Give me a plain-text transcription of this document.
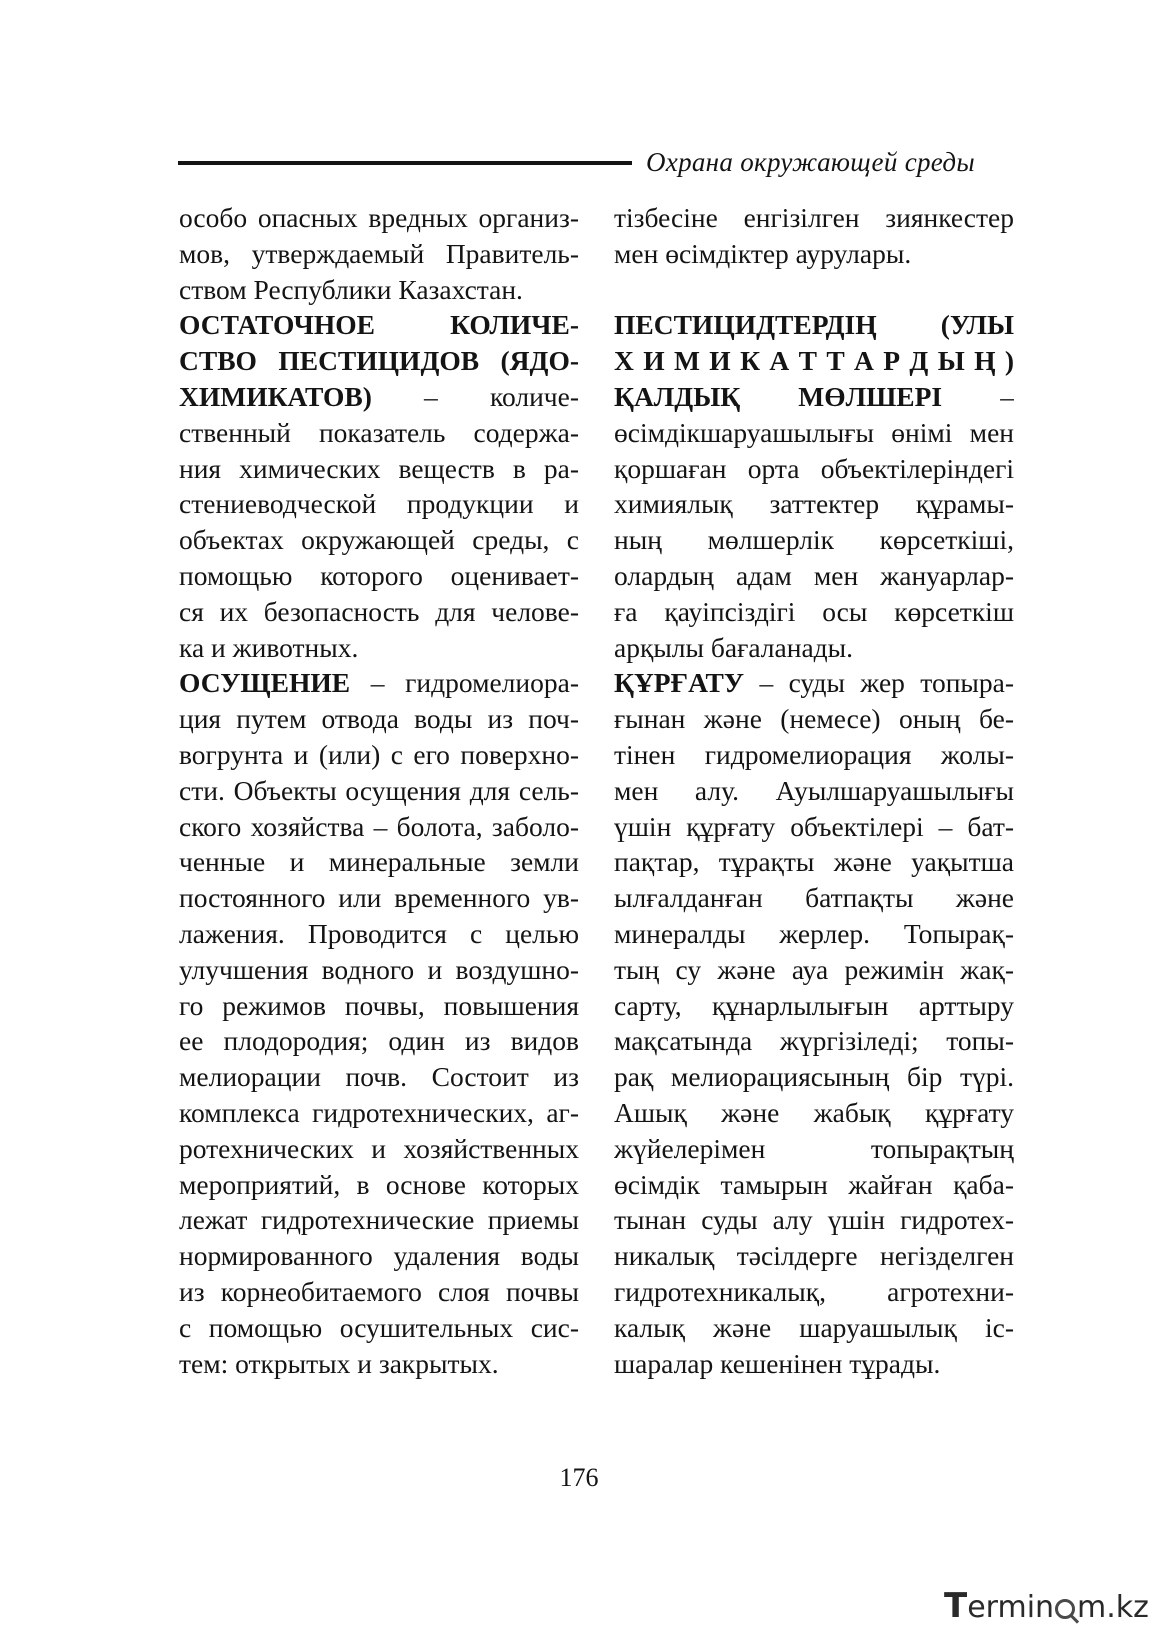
Охрана окружающей среды
особо опасных вредных организ-
мов, утверждаемый Правитель-
ством Республики Казахстан.
ОСТАТОЧНОЕ КОЛИЧЕ-
СТВО ПЕСТИЦИДОВ (ЯДО-
ХИМИКАТОВ) – количе-
ственный показатель содержа-
ния химических веществ в ра-
стениеводческой продукции и
объектах окружающей среды, с
помощью которого оценивает-
ся их безопасность для челове-
ка и животных.
ОСУЩЕНИЕ – гидромелиора-
ция путем отвода воды из поч-
вогрунта и (или) с его поверхно-
сти. Объекты осущения для сель-
ского хозяйства – болота, заболо-
ченные и минеральные земли
постоянного или временного ув-
лажения. Проводится с целью
улучшения водного и воздушно-
го режимов почвы, повышения
ее плодородия; один из видов
мелиорации почв. Состоит из
комплекса гидротехнических, аг-
ротехнических и хозяйственных
мероприятий, в основе которых
лежат гидротехнические приемы
нормированного удаления воды
из корнеобитаемого слоя почвы
с помощью осушительных сис-
тем: открытых и закрытых.
тізбесіне енгізілген зиянкестер
мен өсімдіктер аурулары.
ПЕСТИЦИДТЕРДІҢ (УЛЫ
Х И М И К А Т Т А Р Д Ы Ң )
ҚАЛДЫҚ МӨЛШЕРІ –
өсімдікшаруашылығы өнімі мен
қоршаған орта объектілеріндегі
химиялық заттектер құрамы-
ның мөлшерлік көрсеткіші,
олардың адам мен жануарлар-
ға қауіпсіздігі осы көрсеткіш
арқылы бағаланады.
ҚҰРҒАТУ – суды жер топыра-
ғынан және (немесе) оның бе-
тінен гидромелиорация жолы-
мен алу. Ауылшаруашылығы
үшін құрғату объектілері – бат-
пақтар, тұрақты және уақытша
ылғалданған батпақты және
минералды жерлер. Топырақ-
тың су және ауа режимін жақ-
сарту, құнарлылығын арттыру
мақсатында жүргізіледі; топы-
рақ мелиорациясының бір түрі.
Ашық және жабық құрғату
жүйелерімен топырақтың
өсімдік тамырын жайған қаба-
тынан суды алу үшін гидротех-
никалық тәсілдерге негізделген
гидротехникалық, агротехни-
калық және шаруашылық іс-
шаралар кешенінен тұрады.
176
Termin m.kz
